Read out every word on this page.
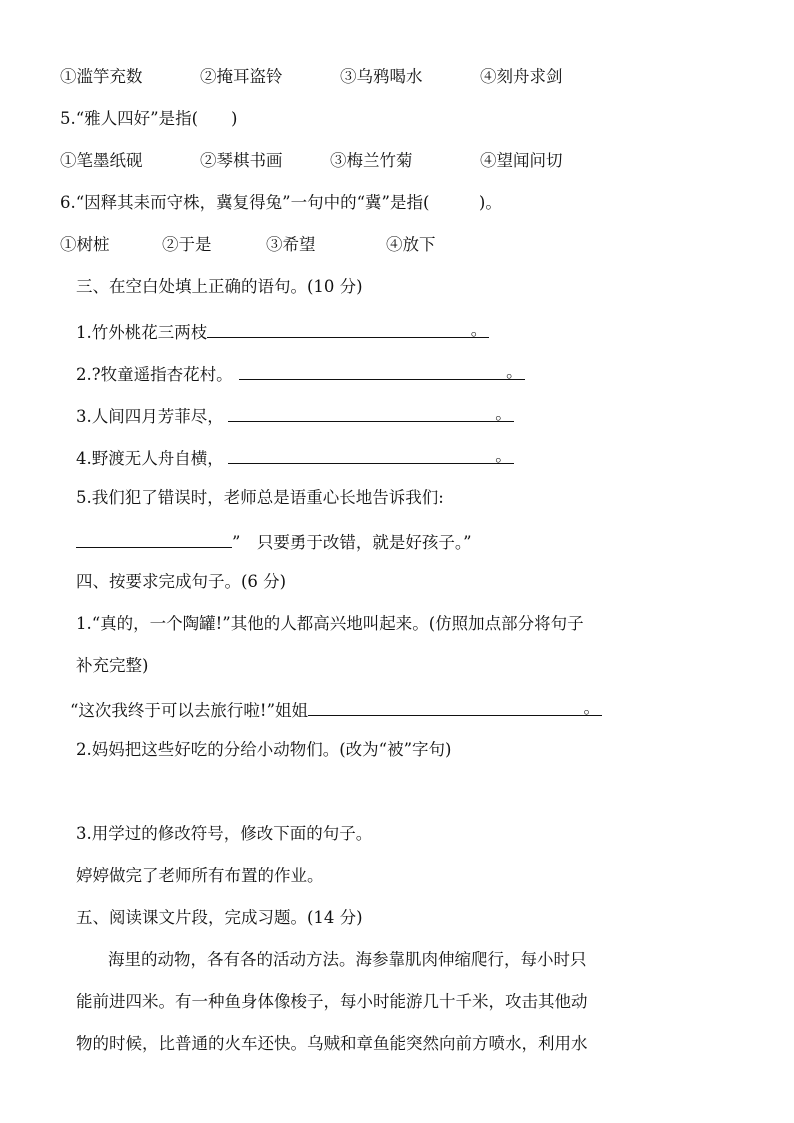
①滥竽充数	②掩耳盗铃	③乌鸦喝水	④刻舟求剑
5.“雅人四好”是指(　　)
①笔墨纸砚	②琴棋书画	③梅兰竹菊	④望闻问切
6.“因释其耒而守株，冀复得兔”一句中的“冀”是指(　　　)。
①树桩	②于是	③希望	④放下
三、在空白处填上正确的语句。(10 分)
1.竹外桃花三两枝	。
2.?牧童遥指杏花村。	。
3.人间四月芳菲尽，	。
4.野渡无人舟自横，	。
5.我们犯了错误时，老师总是语重心长地告诉我们:
”　只要勇于改错，就是好孩子。”
四、按要求完成句子。(6 分)
1.“真的，一个陶罐!”其他的人都高兴地叫起来。(仿照加点部分将句子
补充完整)
“这次我终于可以去旅行啦!”姐姐	。
2.妈妈把这些好吃的分给小动物们。(改为“被”字句)
3.用学过的修改符号，修改下面的句子。
婷婷做完了老师所有布置的作业。
五、阅读课文片段，完成习题。(14 分)
海里的动物，各有各的活动方法。海参靠肌肉伸缩爬行，每小时只
能前进四米。有一种鱼身体像梭子，每小时能游几十千米，攻击其他动
物的时候，比普通的火车还快。乌贼和章鱼能突然向前方喷水，利用水
